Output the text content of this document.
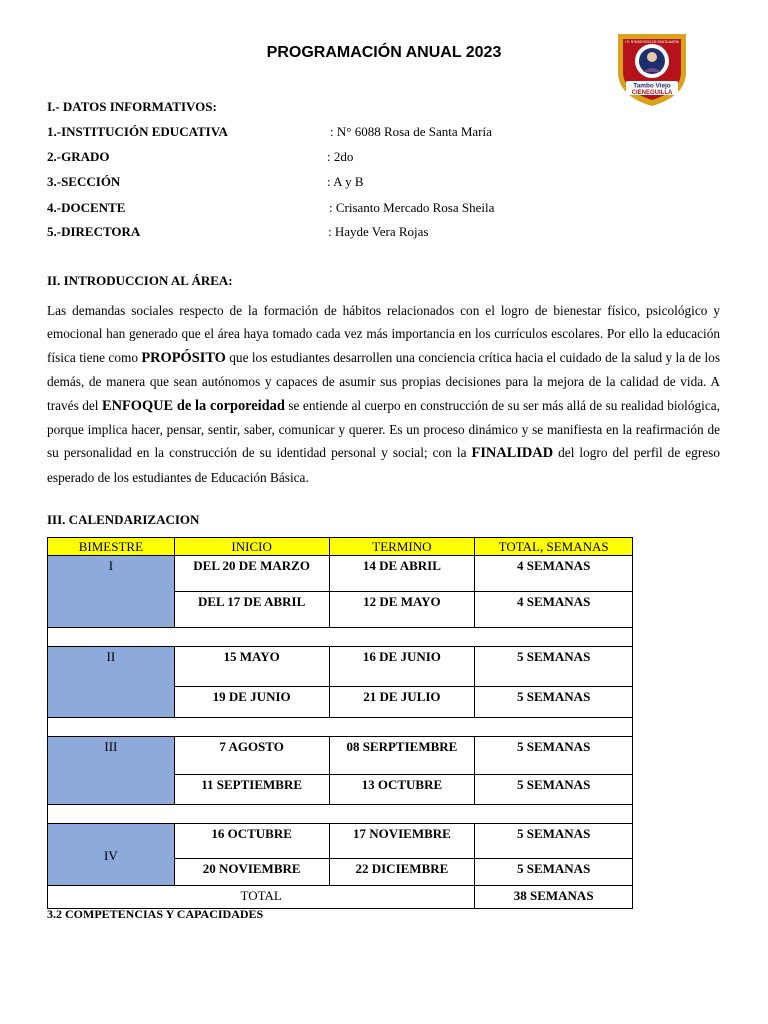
PROGRAMACIÓN ANUAL 2023
Tambo Viejo
CIENEGUILLA
I.E. N°6088 ROSA DE SANTA MARÍA
I.- DATOS INFORMATIVOS:
1.-INSTITUCIÓN EDUCATIVA	: N° 6088 Rosa de Santa María
2.-GRADO	: 2do
3.-SECCIÓN	: A y B
4.-DOCENTE	: Crisanto Mercado Rosa Sheila
5.-DIRECTORA	: Hayde Vera Rojas
II. INTRODUCCION AL ÁREA:
Las demandas sociales respecto de la formación de hábitos relacionados con el logro de bienestar físico, psicológico y emocional han generado que el área haya tomado cada vez más importancia en los currículos escolares. Por ello la educación física tiene como PROPÓSITO que los estudiantes desarrollen una conciencia crítica hacia el cuidado de la salud y la de los demás, de manera que sean autónomos y capaces de asumir sus propias decisiones para la mejora de la calidad de vida. A través del ENFOQUE de la corporeidad se entiende al cuerpo en construcción de su ser más allá de su realidad biológica, porque implica hacer, pensar, sentir, saber, comunicar y querer. Es un proceso dinámico y se manifiesta en la reafirmación de su personalidad en la construcción de su identidad personal y social; con la FINALIDAD del logro del perfil de egreso esperado de los estudiantes de Educación Básica.
III. CALENDARIZACION
BIMESTRE	INICIO	TERMINO	TOTAL, SEMANAS
I	DEL 20 DE MARZO	14 DE ABRIL	4 SEMANAS
	DEL 17 DE ABRIL	12 DE MAYO	4 SEMANAS

II	15 MAYO	16 DE JUNIO	5 SEMANAS
	19 DE JUNIO	21 DE JULIO	5 SEMANAS

III	7 AGOSTO	08 SERPTIEMBRE	5 SEMANAS
	11 SEPTIEMBRE	13 OCTUBRE	5 SEMANAS

IV	16 OCTUBRE	17 NOVIEMBRE	5 SEMANAS
	20 NOVIEMBRE	22 DICIEMBRE	5 SEMANAS
TOTAL			38 SEMANAS
3.2 COMPETENCIAS Y CAPACIDADES
